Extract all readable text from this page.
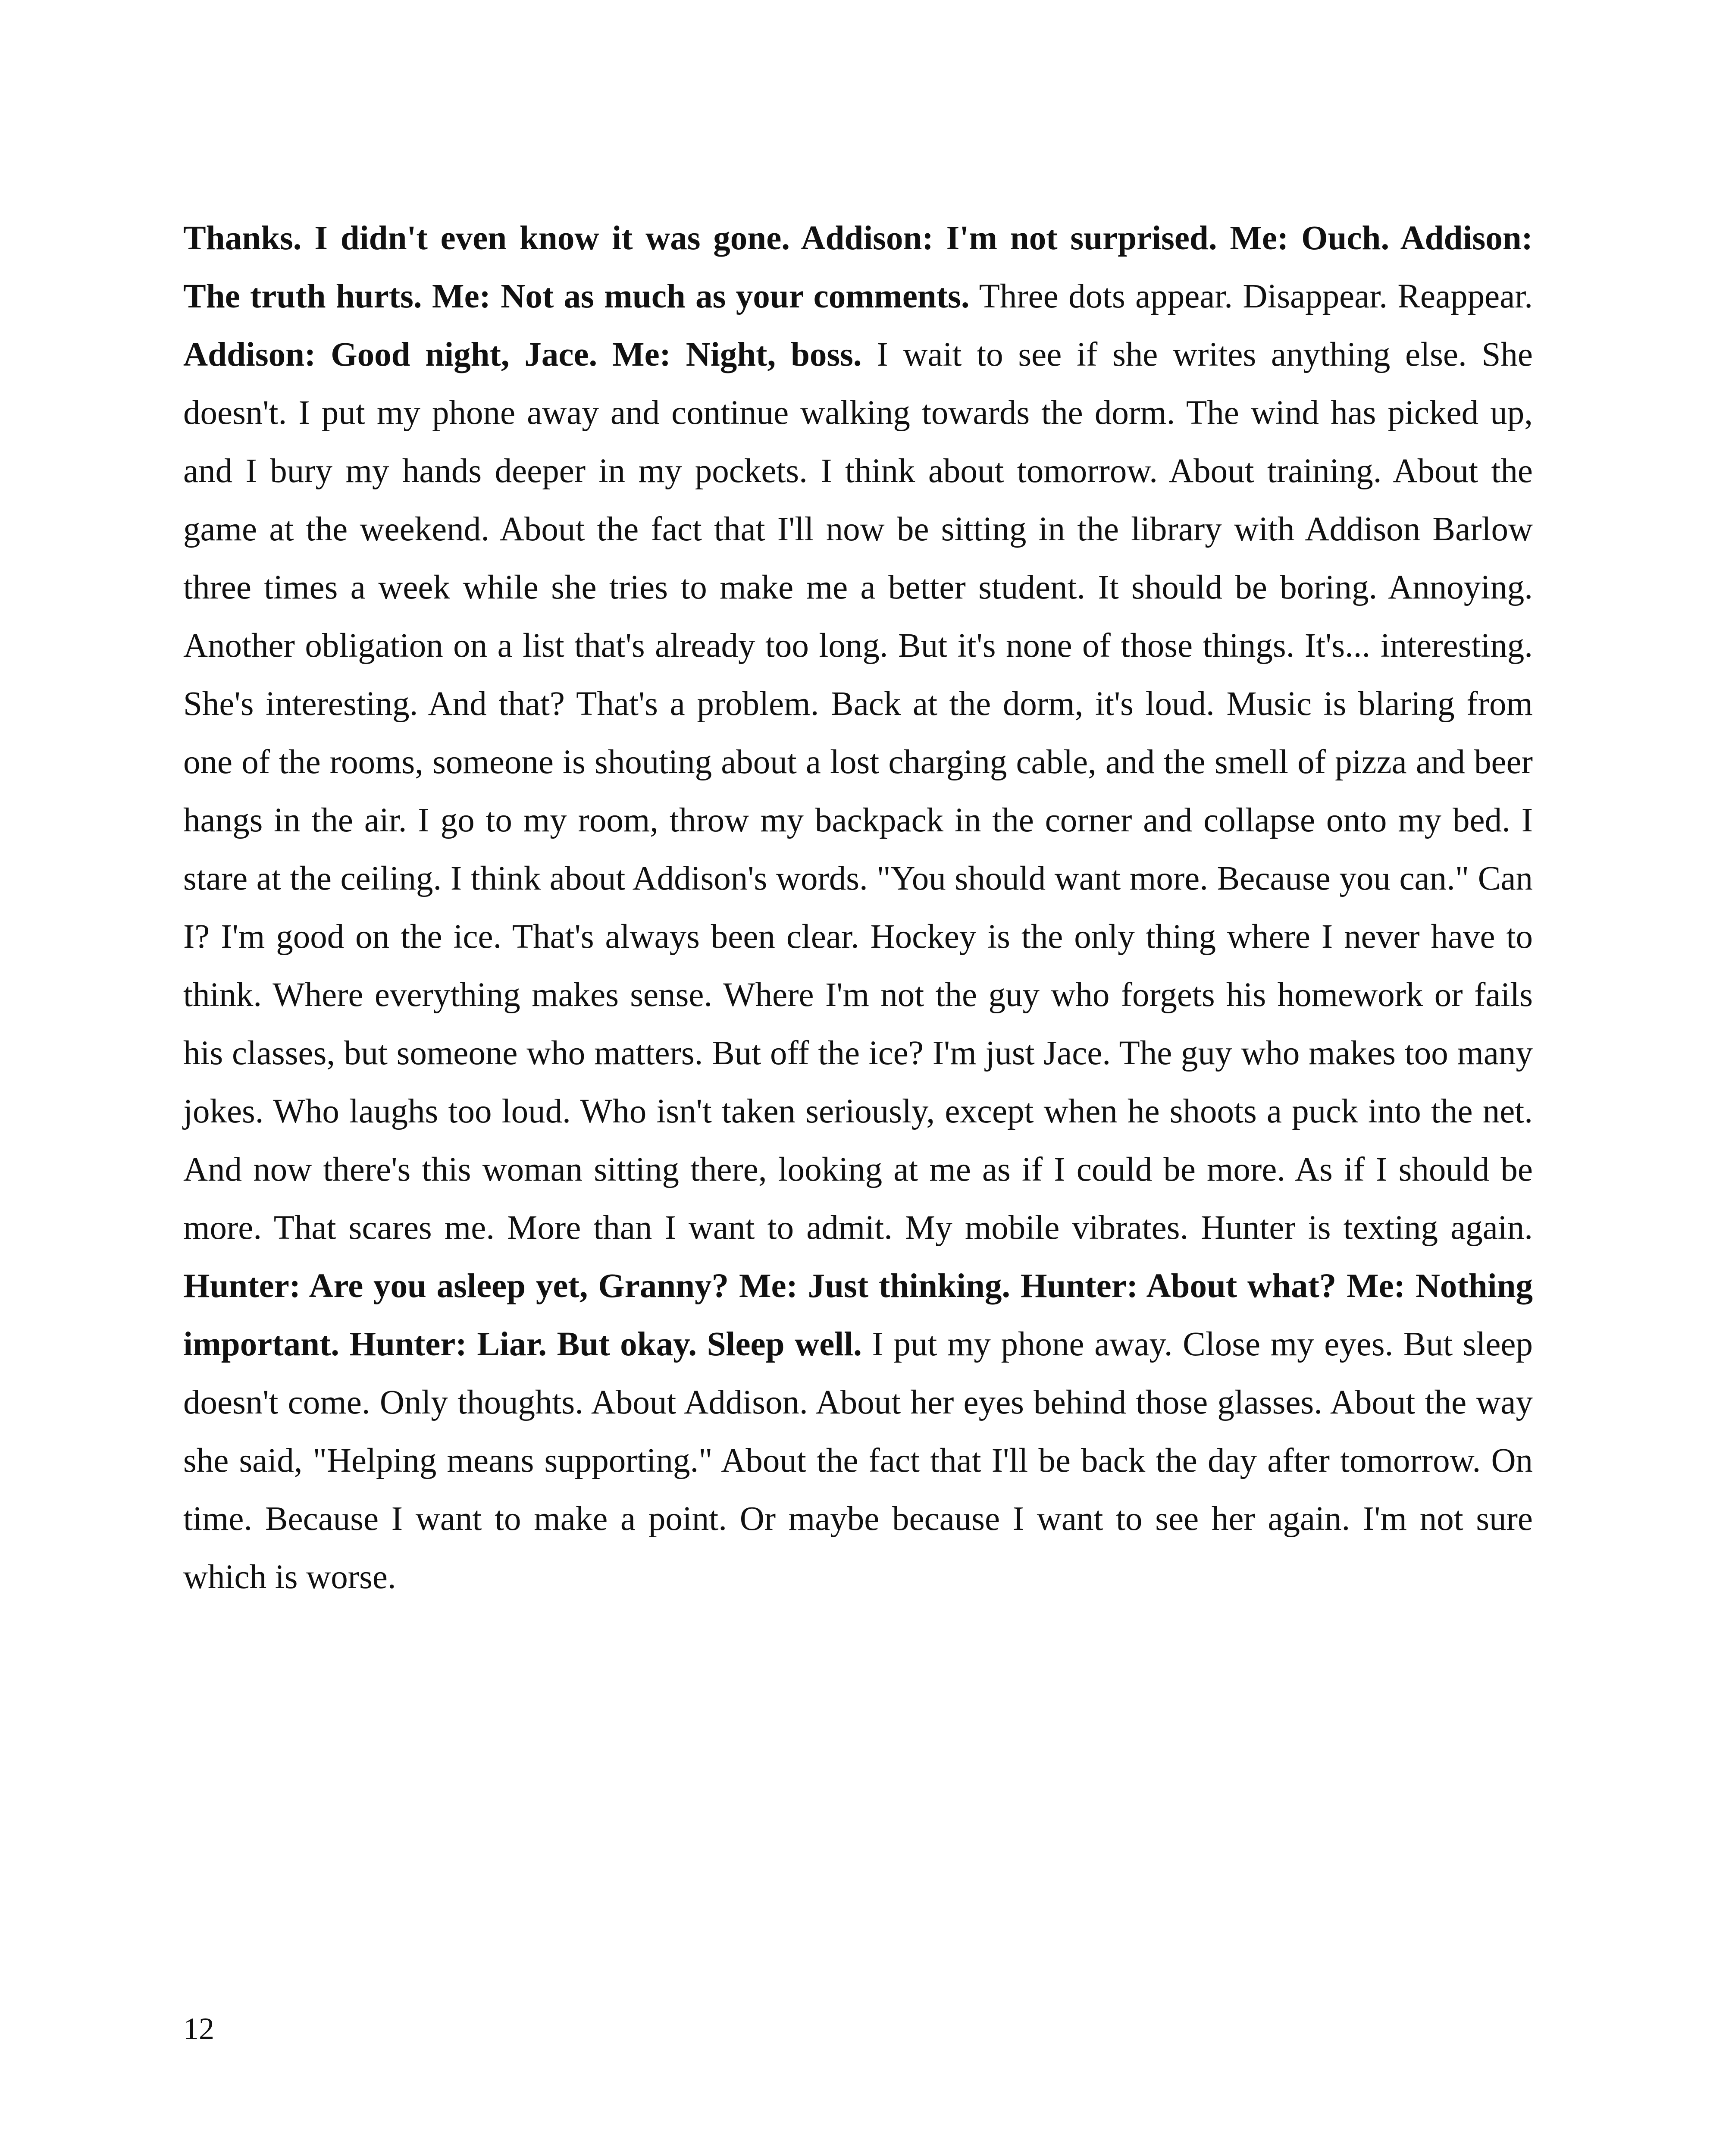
Thanks. I didn't even know it was gone. Addison: I'm not surprised. Me: Ouch. Addison: The truth hurts. Me: Not as much as your comments. Three dots appear. Disappear. Reappear. Addison: Good night, Jace. Me: Night, boss. I wait to see if she writes anything else. She doesn't. I put my phone away and continue walking towards the dorm. The wind has picked up, and I bury my hands deeper in my pockets. I think about tomorrow. About training. About the game at the weekend. About the fact that I'll now be sitting in the library with Addison Barlow three times a week while she tries to make me a better student. It should be boring. Annoying. Another obligation on a list that's already too long. But it's none of those things. It's... interesting. She's interesting. And that? That's a problem. Back at the dorm, it's loud. Music is blaring from one of the rooms, someone is shouting about a lost charging cable, and the smell of pizza and beer hangs in the air. I go to my room, throw my backpack in the corner and collapse onto my bed. I stare at the ceiling. I think about Addison's words. "You should want more. Because you can." Can I? I'm good on the ice. That's always been clear. Hockey is the only thing where I never have to think. Where everything makes sense. Where I'm not the guy who forgets his homework or fails his classes, but someone who matters. But off the ice? I'm just Jace. The guy who makes too many jokes. Who laughs too loud. Who isn't taken seriously, except when he shoots a puck into the net. And now there's this woman sitting there, looking at me as if I could be more. As if I should be more. That scares me. More than I want to admit. My mobile vibrates. Hunter is texting again. Hunter: Are you asleep yet, Granny? Me: Just thinking. Hunter: About what? Me: Nothing important. Hunter: Liar. But okay. Sleep well. I put my phone away. Close my eyes. But sleep doesn't come. Only thoughts. About Addison. About her eyes behind those glasses. About the way she said, "Helping means supporting." About the fact that I'll be back the day after tomorrow. On time. Because I want to make a point. Or maybe because I want to see her again. I'm not sure which is worse.

12
